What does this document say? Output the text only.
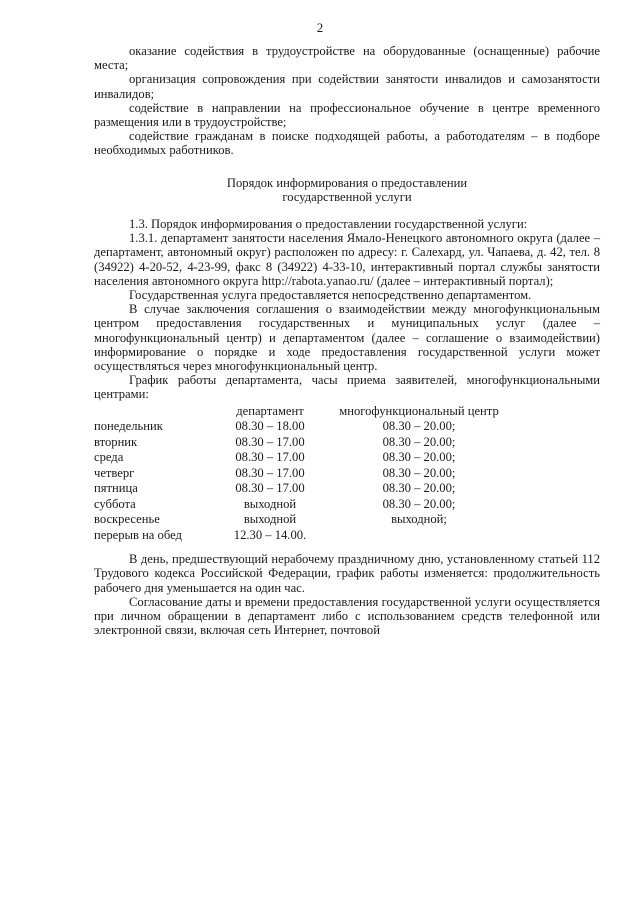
2

оказание содействия в трудоустройстве на оборудованные (оснащенные) рабочие места;

организация сопровождения при содействии занятости инвалидов и самозанятости инвалидов;

содействие в направлении на профессиональное обучение в центре временного размещения или в трудоустройстве;

содействие гражданам в поиске подходящей работы, а работодателям – в подборе необходимых работников.

Порядок информирования о предоставлении
государственной услуги

1.3. Порядок информирования о предоставлении государственной услуги:

1.3.1. департамент занятости населения Ямало-Ненецкого автономного округа (далее – департамент, автономный округ) расположен по адресу: г. Салехард, ул. Чапаева, д. 42, тел. 8 (34922) 4-20-52, 4-23-99, факс 8 (34922) 4-33-10, интерактивный портал службы занятости населения автономного округа http://rabota.yanao.ru/ (далее – интерактивный портал);

Государственная услуга предоставляется непосредственно департаментом.

В случае заключения соглашения о взаимодействии между многофункциональным центром предоставления государственных и муниципальных услуг (далее – многофункциональный центр) и департаментом (далее – соглашение о взаимодействии) информирование о порядке и ходе предоставления государственной услуги может осуществляться через многофункциональный центр.

График работы департамента, часы приема заявителей, многофункциональными центрами:

	департамент	многофункциональный центр
понедельник	08.30 – 18.00	08.30 – 20.00;
вторник	08.30 – 17.00	08.30 – 20.00;
среда	08.30 – 17.00	08.30 – 20.00;
четверг	08.30 – 17.00	08.30 – 20.00;
пятница	08.30 – 17.00	08.30 – 20.00;
суббота	выходной	08.30 – 20.00;
воскресенье	выходной	выходной;
перерыв на обед	12.30 – 14.00.	

В день, предшествующий нерабочему праздничному дню, установленному статьей 112 Трудового кодекса Российской Федерации, график работы изменяется: продолжительность рабочего дня уменьшается на один час.

Согласование даты и времени предоставления государственной услуги осуществляется при личном обращении в департамент либо с использованием средств телефонной или электронной связи, включая сеть Интернет, почтовой
